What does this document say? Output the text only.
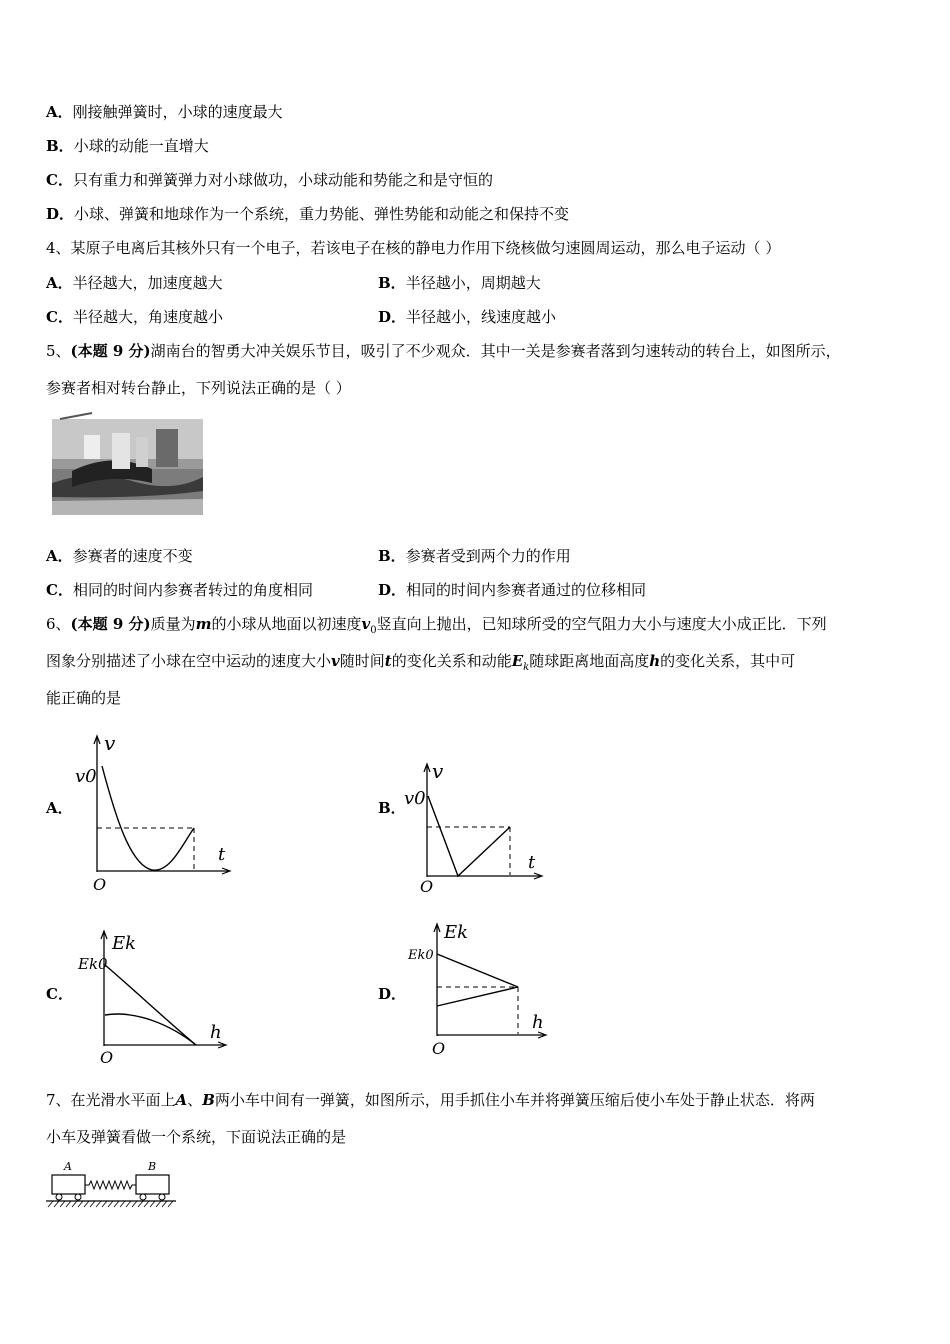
A．刚接触弹簧时，小球的速度最大
B．小球的动能一直增大
C．只有重力和弹簧弹力对小球做功，小球动能和势能之和是守恒的
D．小球、弹簧和地球作为一个系统，重力势能、弹性势能和动能之和保持不变
4、某原子电离后其核外只有一个电子，若该电子在核的静电力作用下绕核做匀速圆周运动，那么电子运动（ ）
A．半径越大，加速度越大	B．半径越小，周期越大
C．半径越大，角速度越小	D．半径越小，线速度越小
5、(本题 9 分)湖南台的智勇大冲关娱乐节目，吸引了不少观众．其中一关是参赛者落到匀速转动的转台上，如图所示，
参赛者相对转台静止，下列说法正确的是（ ）
A．参赛者的速度不变	B．参赛者受到两个力的作用
C．相同的时间内参赛者转过的角度相同	D．相同的时间内参赛者通过的位移相同
6、(本题 9 分)质量为m的小球从地面以初速度$v_0$竖直向上抛出，已知球所受的空气阻力大小与速度大小成正比．下列
图象分别描述了小球在空中运动的速度大小v随时间t的变化关系和动能$E_k$随球距离地面高度h的变化关系，其中可
能正确的是
A．	B．
C．	D．
v
v0
t
O
v
v0
t
O
Ek
Ek0
h
O
Ek
Ek0
h
O
7、在光滑水平面上A、B两小车中间有一弹簧，如图所示，用手抓住小车并将弹簧压缩后使小车处于静止状态．将两
小车及弹簧看做一个系统，下面说法正确的是
A	B
